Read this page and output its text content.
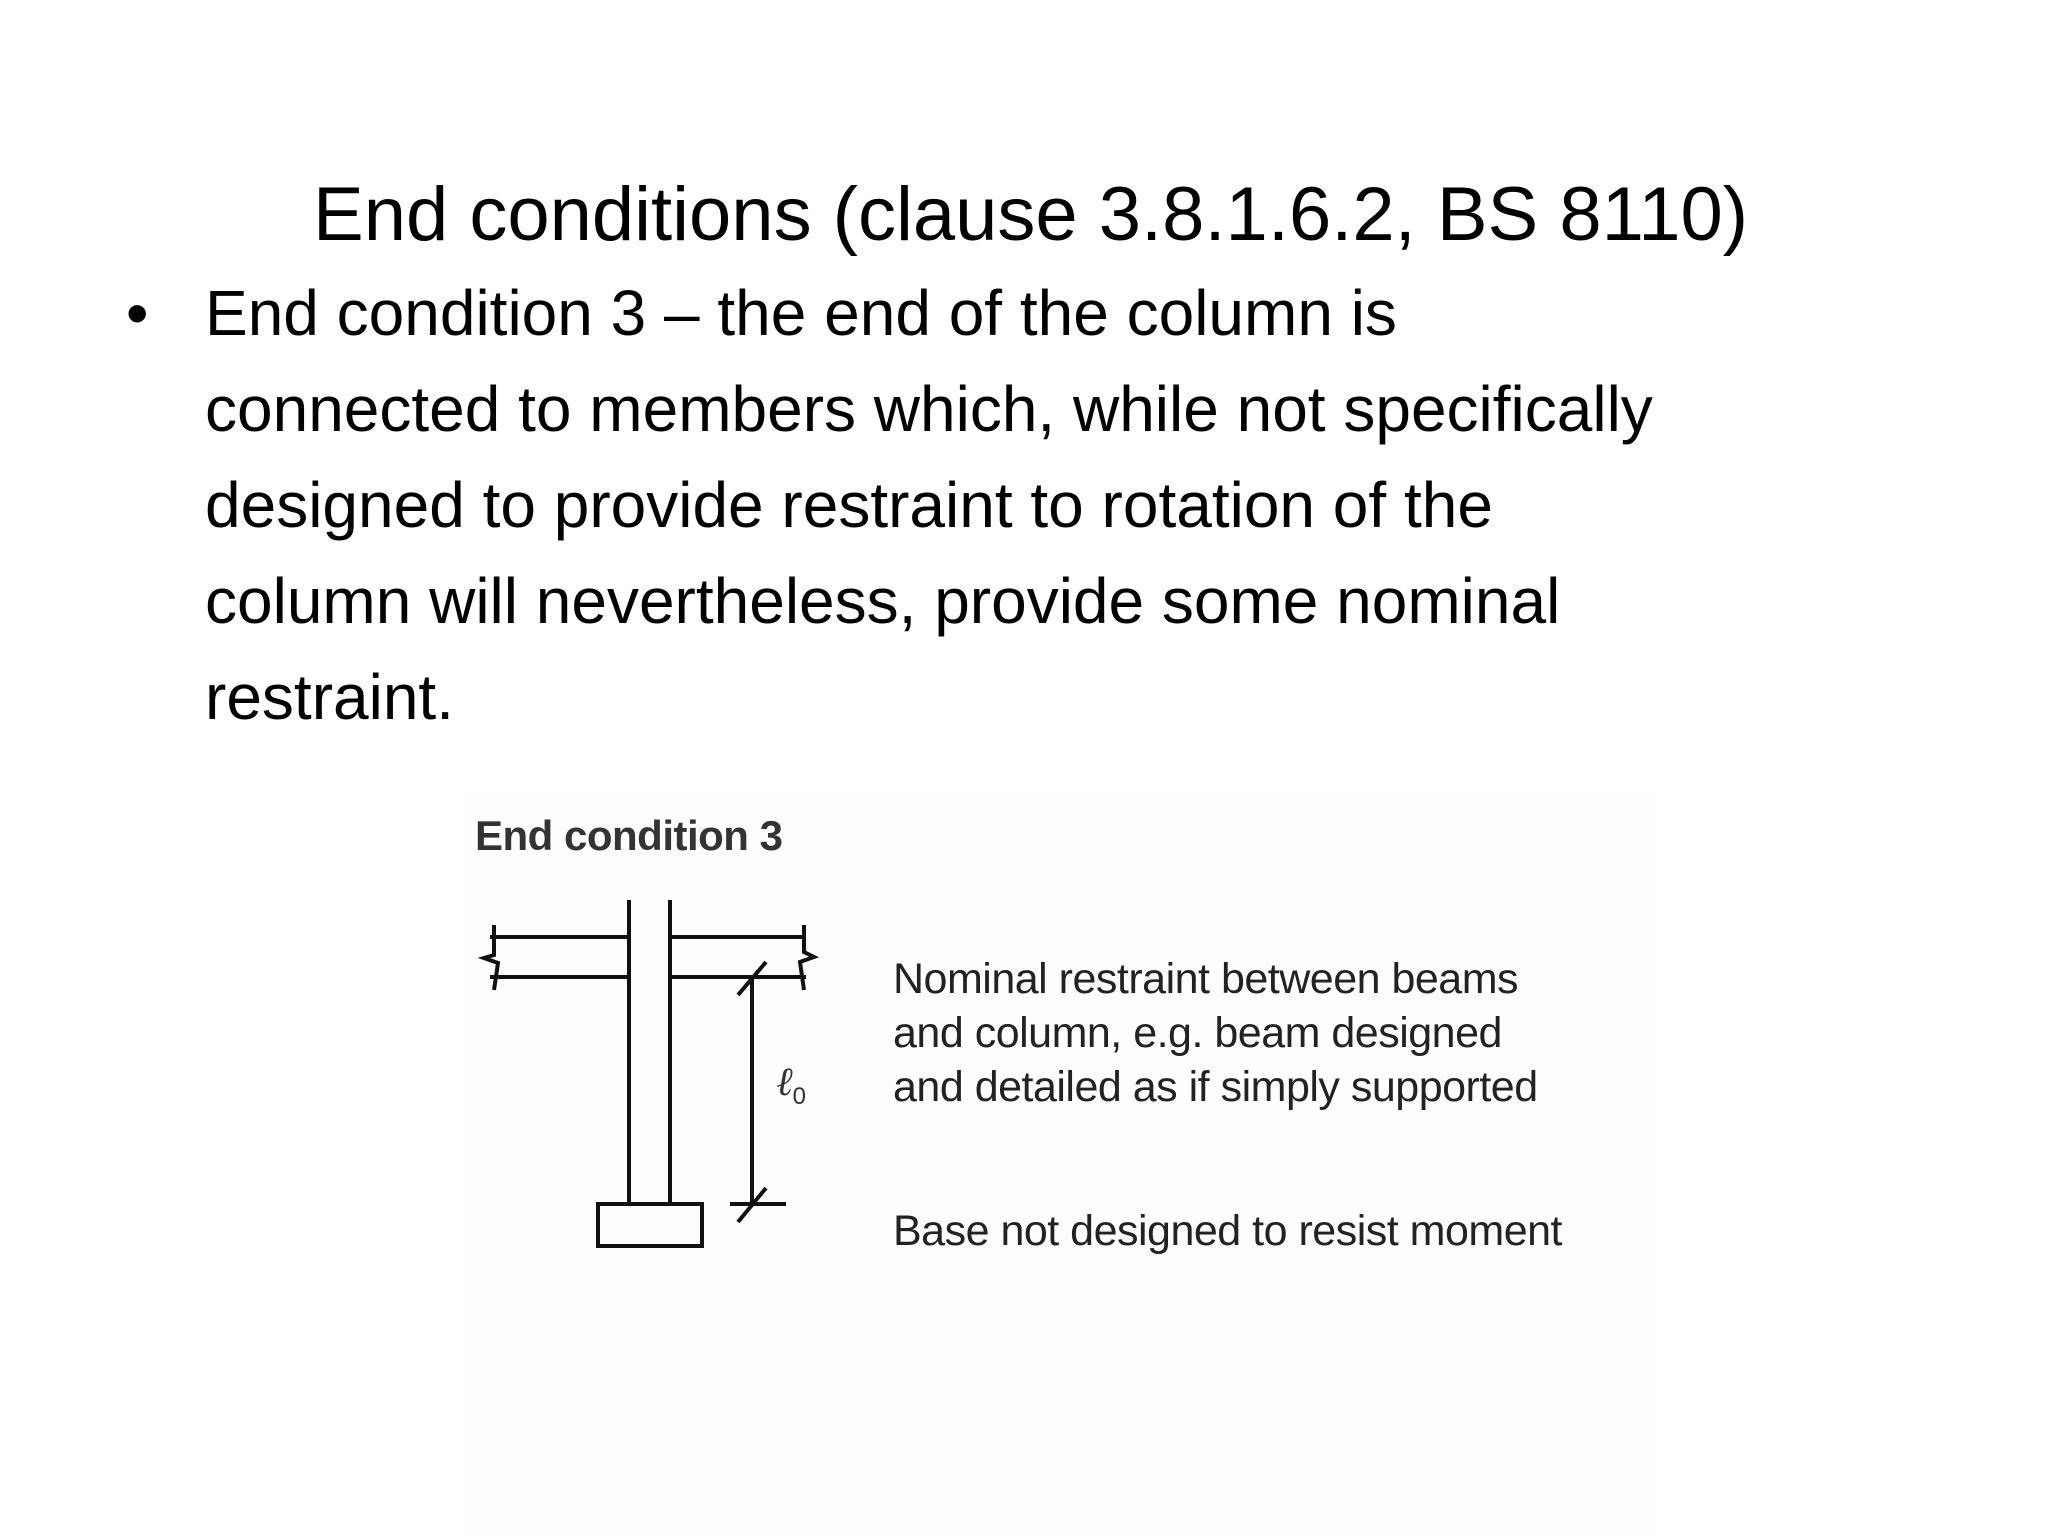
End conditions (clause 3.8.1.6.2, BS 8110)
• End condition 3 – the end of the column is
connected to members which, while not specifically
designed to provide restraint to rotation of the
column will nevertheless, provide some nominal
restraint.
End condition 3
ℓ$_0$
Nominal restraint between beams
and column, e.g. beam designed
and detailed as if simply supported
Base not designed to resist moment
